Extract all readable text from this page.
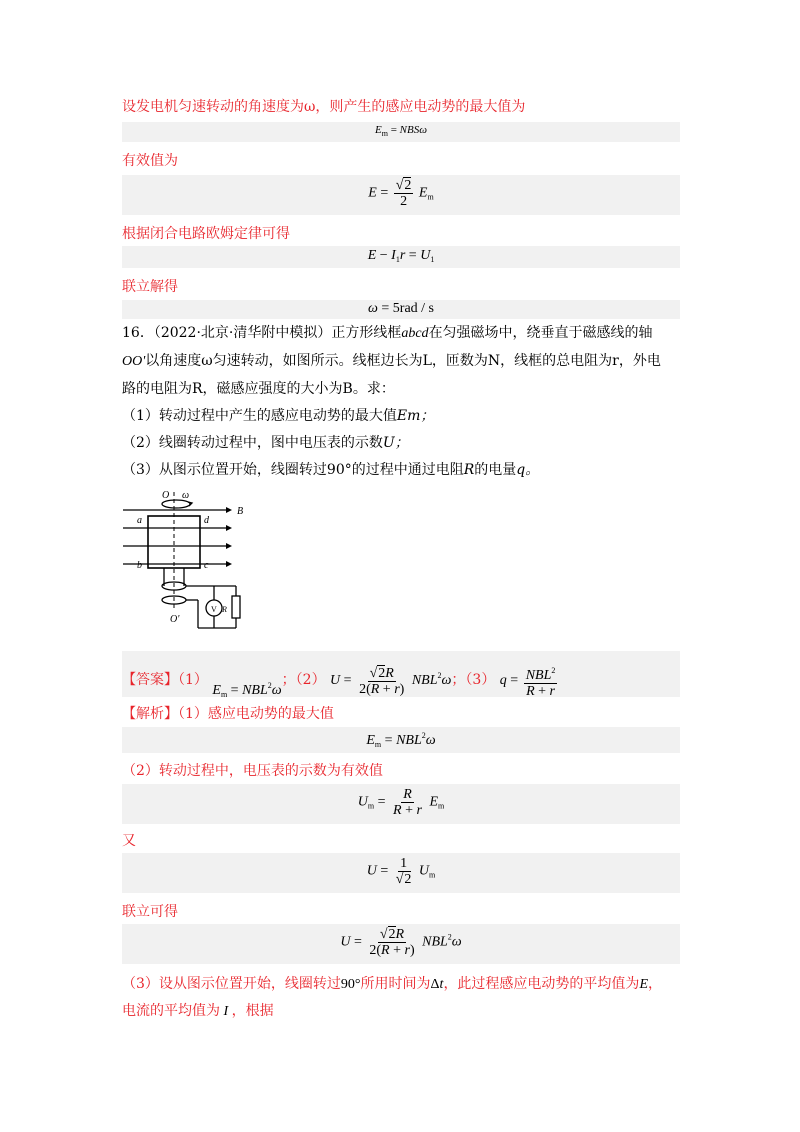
设发电机匀速转动的角速度为ω，则产生的感应电动势的最大值为
$E_m = NBS\omega$
有效值为
$E = \frac{√2}{2} E_m$
根据闭合电路欧姆定律可得
$E - I_1r = U_1$
联立解得
ω = 5rad / s
16．（2022·北京·清华附中模拟）正方形线框abcd在匀强磁场中，绕垂直于磁感线的轴
OO'以角速度ω匀速转动，如图所示。线框边长为L，匝数为N，线框的总电阻为r，外电
路的电阻为R，磁感应强度的大小为B。求：
（1）转动过程中产生的感应电动势的最大值Em；
（2）线圈转动过程中，图中电压表的示数U；
（3）从图示位置开始，线圈转过90°的过程中通过电阻R的电量q。
O ω
B
a	d
b	c
O'
V R
【答案】（1） $E_m = NBL^2\omega$；（2） $U = \frac{√2R}{2(R + r)} NBL^2\omega$；（3） $q = \frac{NBL^2}{R + r}$
【解析】（1）感应电动势的最大值
$E_m = NBL^2\omega$
（2）转动过程中，电压表的示数为有效值
$U_m = \frac{R}{R + r} E_m$
又
$U = \frac{1}{√2} U_m$
联立可得
$U = \frac{√2R}{2(R + r)} NBL^2\omega$
（3）设从图示位置开始，线圈转过90°所用时间为Δt，此过程感应电动势的平均值为E，
电流的平均值为 I ，根据
